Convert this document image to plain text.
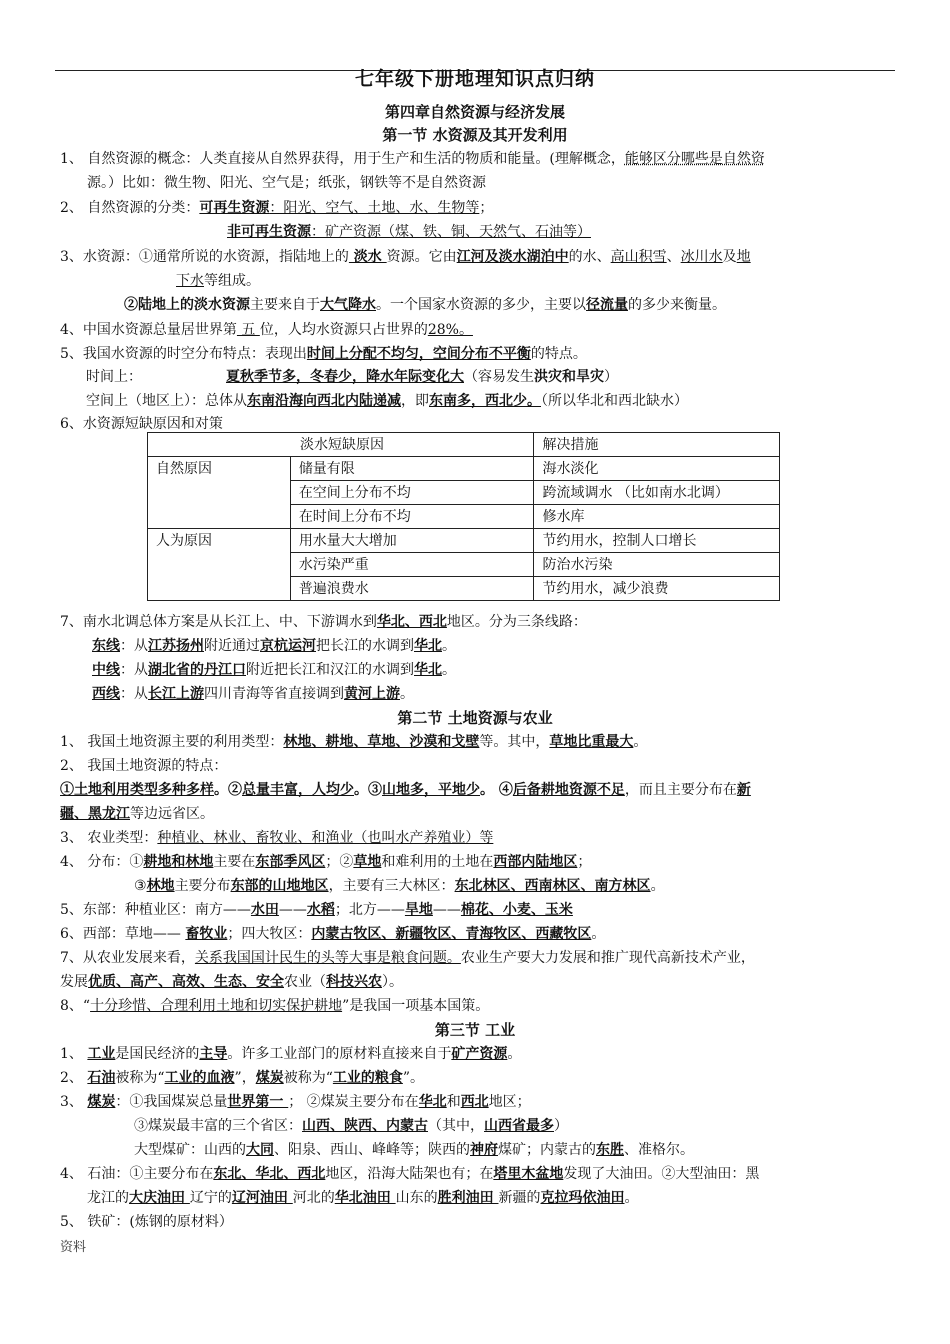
七年级下册地理知识点归纳
第四章自然资源与经济发展
第一节 水资源及其开发利用
1、 自然资源的概念：人类直接从自然界获得，用于生产和生活的物质和能量。(理解概念，能够区分哪些是自然资
源。）比如：微生物、阳光、空气是；纸张，钢铁等不是自然资源
2、 自然资源的分类：可再生资源：阳光、空气、土地、水、生物等；
非可再生资源：矿产资源（煤、铁、铜、天然气、石油等）
3、水资源：①通常所说的水资源，指陆地上的 淡水 资源。它由江河及淡水湖泊中的水、高山积雪、冰川水及地
下水等组成。
②陆地上的淡水资源主要来自于大气降水。一个国家水资源的多少，主要以径流量的多少来衡量。
4、中国水资源总量居世界第 五 位，人均水资源只占世界的28%。
5、我国水资源的时空分布特点：表现出时间上分配不均匀，空间分布不平衡的特点。
时间上：	夏秋季节多，冬春少，降水年际变化大（容易发生洪灾和旱灾）
空间上（地区上）：总体从东南沿海向西北内陆递减，即东南多，西北少。（所以华北和西北缺水）
6、水资源短缺原因和对策
淡水短缺原因		解决措施
自然原因	储量有限	海水淡化
	在空间上分布不均	跨流域调水 （比如南水北调）
	在时间上分布不均	修水库
人为原因	用水量大大增加	节约用水，控制人口增长
	水污染严重	防治水污染
	普遍浪费水	节约用水，减少浪费
7、南水北调总体方案是从长江上、中、下游调水到华北、西北地区。分为三条线路：
东线：从江苏扬州附近通过京杭运河把长江的水调到华北。
中线：从湖北省的丹江口附近把长江和汉江的水调到华北。
西线：从长江上游四川青海等省直接调到黄河上游。
第二节 土地资源与农业
1、 我国土地资源主要的利用类型：林地、耕地、草地、沙漠和戈壁等。其中，草地比重最大。
2、 我国土地资源的特点：
①土地利用类型多种多样。②总量丰富，人均少。③山地多，平地少。 ④后备耕地资源不足，而且主要分布在新
疆、黑龙江等边远省区。
3、 农业类型：种植业、林业、畜牧业、和渔业（也叫水产养殖业）等
4、 分布：①耕地和林地主要在东部季风区；②草地和难利用的土地在西部内陆地区；
③林地主要分布东部的山地地区，主要有三大林区：东北林区、西南林区、南方林区。
5、东部：种植业区：南方——水田——水稻；北方——旱地——棉花、小麦、玉米
6、西部：草地—— 畜牧业；四大牧区：内蒙古牧区、新疆牧区、青海牧区、西藏牧区。
7、从农业发展来看，关系我国国计民生的头等大事是粮食问题。农业生产要大力发展和推广现代高新技术产业，
发展优质、高产、高效、生态、安全农业（科技兴农）。
8、“十分珍惜、合理利用土地和切实保护耕地”是我国一项基本国策。
第三节 工业
1、 工业是国民经济的主导。许多工业部门的原材料直接来自于矿产资源。
2、 石油被称为“工业的血液”，煤炭被称为“工业的粮食”。
3、 煤炭：①我国煤炭总量世界第一 ； ②煤炭主要分布在华北和西北地区；
③煤炭最丰富的三个省区：山西、陕西、内蒙古（其中，山西省最多）
大型煤矿：山西的大同、阳泉、西山、峰峰等；陕西的神府煤矿；内蒙古的东胜、准格尔。
4、 石油：①主要分布在东北、华北、西北地区，沿海大陆架也有；在塔里木盆地发现了大油田。②大型油田：黑
龙江的大庆油田 辽宁的辽河油田 河北的华北油田 山东的胜利油田 新疆的克拉玛依油田。
5、 铁矿：(炼钢的原材料）
资料
